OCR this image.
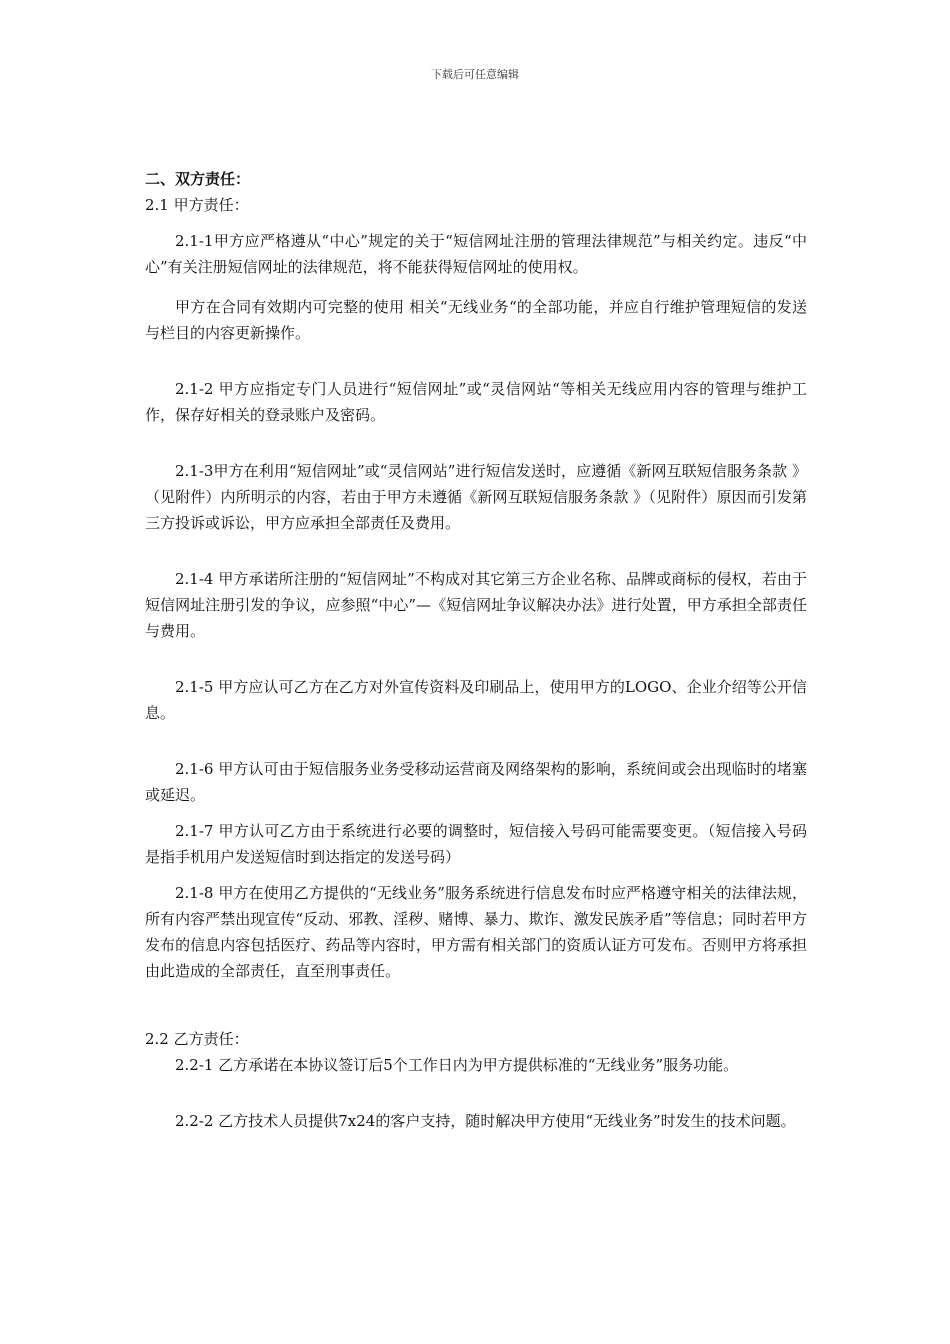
下载后可任意编辑

二、双方责任：

2.1 甲方责任：

2.1-1甲方应严格遵从“中心”规定的关于“短信网址注册的管理法律规范”与相关约定。违反“中心”有关注册短信网址的法律规范，将不能获得短信网址的使用权。

甲方在合同有效期内可完整的使用 相关“无线业务“的全部功能，并应自行维护管理短信的发送与栏目的内容更新操作。

2.1-2 甲方应指定专门人员进行“短信网址”或“灵信网站“等相关无线应用内容的管理与维护工作，保存好相关的登录账户及密码。

2.1-3甲方在利用“短信网址”或“灵信网站”进行短信发送时，应遵循《新网互联短信服务条款 》（见附件）内所明示的内容，若由于甲方未遵循《新网互联短信服务条款 》（见附件）原因而引发第三方投诉或诉讼，甲方应承担全部责任及费用。

2.1-4 甲方承诺所注册的“短信网址”不构成对其它第三方企业名称、品牌或商标的侵权，若由于短信网址注册引发的争议，应参照“中心”—《短信网址争议解决办法》进行处置，甲方承担全部责任与费用。

2.1-5 甲方应认可乙方在乙方对外宣传资料及印刷品上，使用甲方的LOGO、企业介绍等公开信息。

2.1-6 甲方认可由于短信服务业务受移动运营商及网络架构的影响，系统间或会出现临时的堵塞或延迟。

2.1-7 甲方认可乙方由于系统进行必要的调整时，短信接入号码可能需要变更。（短信接入号码是指手机用户发送短信时到达指定的发送号码）

2.1-8 甲方在使用乙方提供的“无线业务”服务系统进行信息发布时应严格遵守相关的法律法规，所有内容严禁出现宣传“反动、邪教、淫秽、赌博、暴力、欺诈、激发民族矛盾”等信息；同时若甲方发布的信息内容包括医疗、药品等内容时，甲方需有相关部门的资质认证方可发布。否则甲方将承担由此造成的全部责任，直至刑事责任。

2.2 乙方责任：

2.2-1 乙方承诺在本协议签订后5个工作日内为甲方提供标准的“无线业务”服务功能。

2.2-2 乙方技术人员提供7x24的客户支持，随时解决甲方使用“无线业务”时发生的技术问题。
